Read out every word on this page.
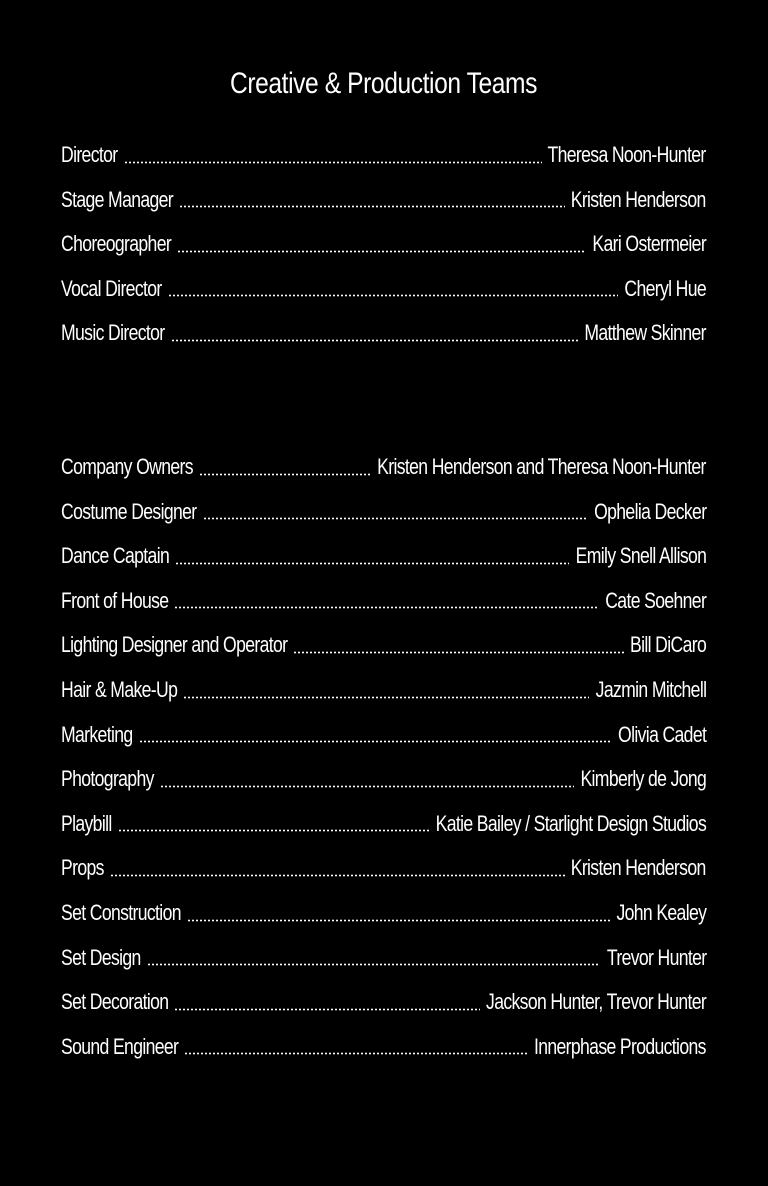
Creative & Production Teams
Director	Theresa Noon-Hunter
Stage Manager	Kristen Henderson
Choreographer	Kari Ostermeier
Vocal Director	Cheryl Hue
Music Director	Matthew Skinner
Company Owners	Kristen Henderson and Theresa Noon-Hunter
Costume Designer	Ophelia Decker
Dance Captain	Emily Snell Allison
Front of House	Cate Soehner
Lighting Designer and Operator	Bill DiCaro
Hair & Make-Up	Jazmin Mitchell
Marketing	Olivia Cadet
Photography	Kimberly de Jong
Playbill	Katie Bailey / Starlight Design Studios
Props	Kristen Henderson
Set Construction	John Kealey
Set Design	Trevor Hunter
Set Decoration	Jackson Hunter, Trevor Hunter
Sound Engineer	Innerphase Productions
